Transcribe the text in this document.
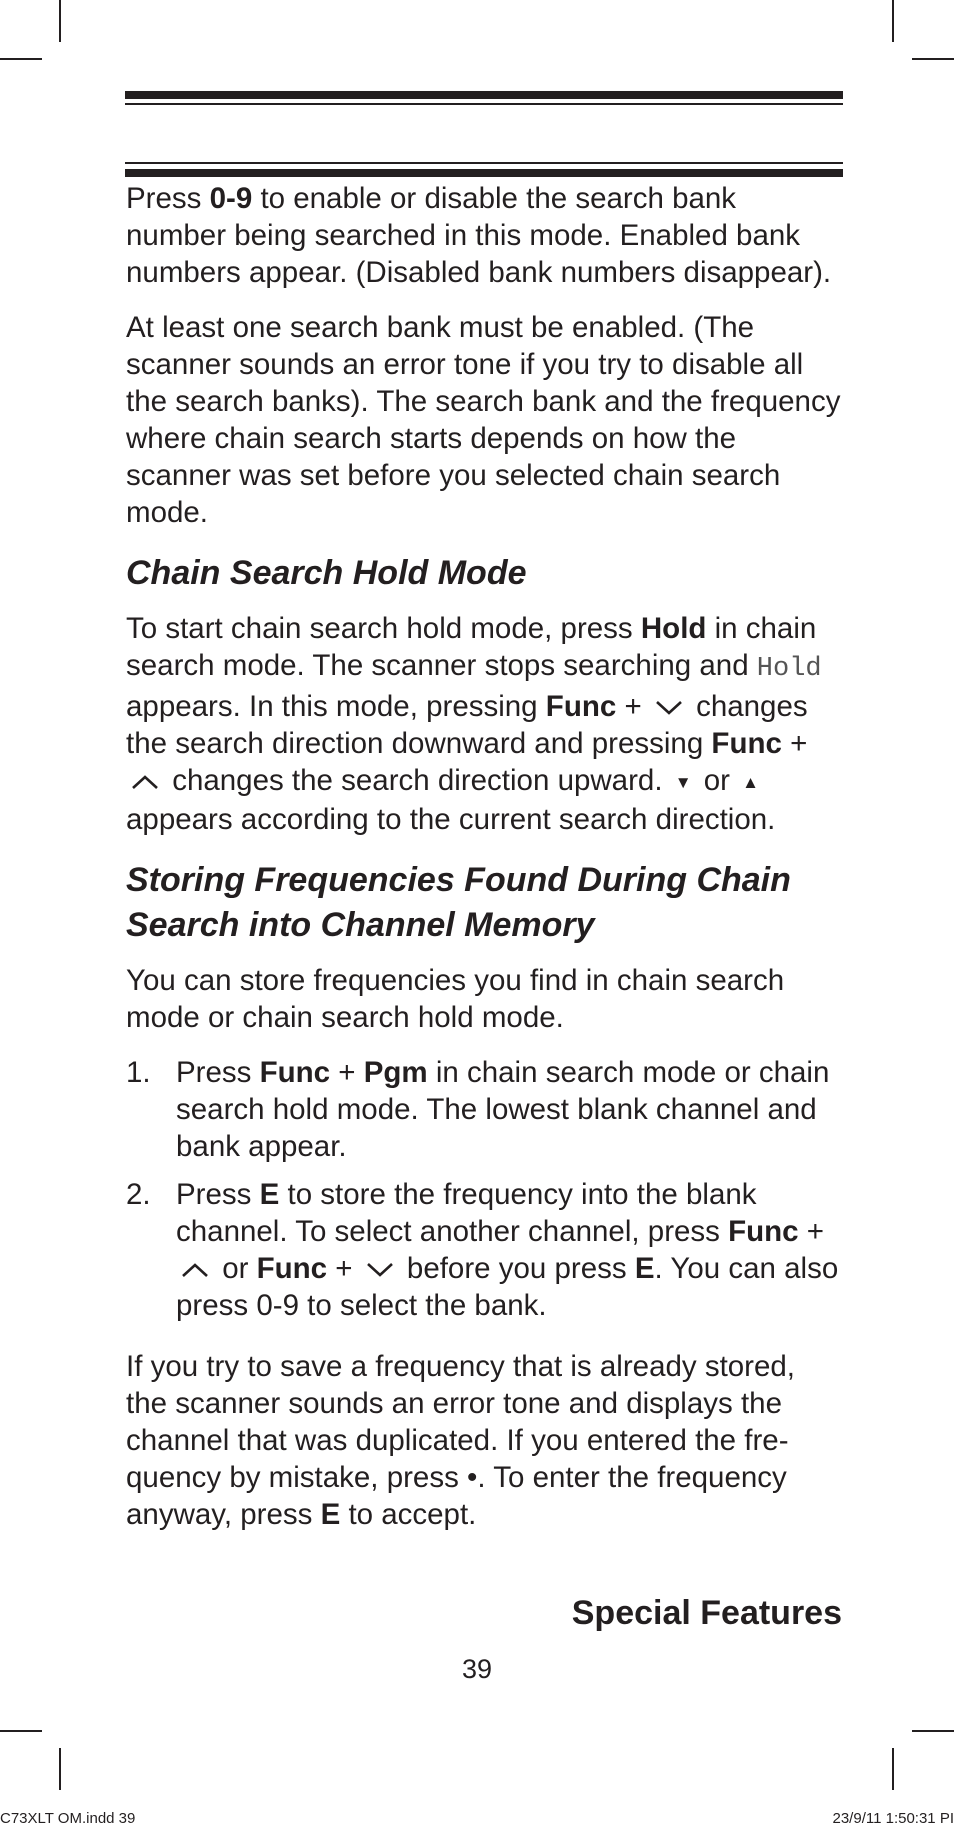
Press 0-9 to enable or disable the search bank number being searched in this mode. Enabled bank numbers appear. (Disabled bank numbers disappear).

At least one search bank must be enabled. (The scanner sounds an error tone if you try to disable all the search banks). The search bank and the frequency where chain search starts depends on how the scanner was set before you selected chain search mode.

Chain Search Hold Mode

To start chain search hold mode, press Hold in chain search mode. The scanner stops searching and Hold appears. In this mode, pressing Func +  changes the search direction downward and pressing Func +  changes the search direction upward. ▼ or ▲ appears according to the current search direction.

Storing Frequencies Found During Chain Search into Channel Memory

You can store frequencies you find in chain search mode or chain search hold mode.

1. Press Func + Pgm in chain search mode or chain search hold mode. The lowest blank channel and bank appear.
2. Press E to store the frequency into the blank channel. To select another channel, press Func +  or Func +  before you press E. You can also press 0-9 to select the bank.

If you try to save a frequency that is already stored, the scanner sounds an error tone and displays the channel that was duplicated. If you entered the fre-quency by mistake, press •. To enter the frequency anyway, press E to accept.

Special Features
39
C73XLT OM.indd 39	23/9/11 1:50:31 PI
